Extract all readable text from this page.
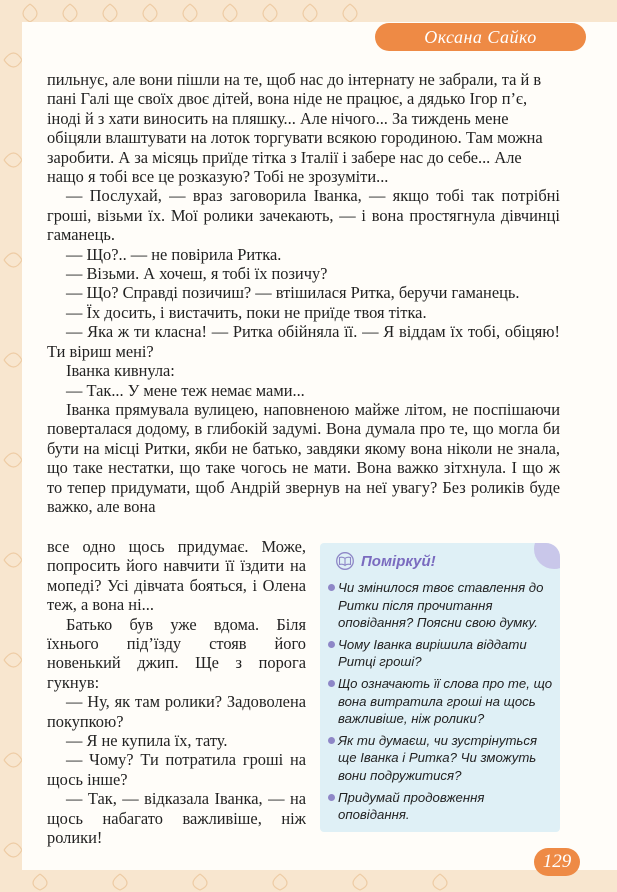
Оксана Сайко

пильнує, але вони пішли на те, щоб нас до інтернату не забрали, та й в пані Галі ще своїх двоє дітей, вона ніде не працює, а дядько Ігор п’є, іноді й з хати виносить на пляшку... Але нічого... За тиждень мене обіцяли влаштувати на лоток торгувати всякою городиною. Там можна заробити. А за місяць приїде тітка з Італії і забере нас до себе... Але нащо я тобі все це розказую? Тобі не зрозуміти...

— Послухай, — враз заговорила Іванка, — якщо тобі так потрібні гроші, візьми їх. Мої ролики зачекають, — і вона простягнула дівчинці гаманець.

— Що?.. — не повірила Ритка.

— Візьми. А хочеш, я тобі їх позичу?

— Що? Справді позичиш? — втішилася Ритка, беручи гаманець.

— Їх досить, і вистачить, поки не приїде твоя тітка.

— Яка ж ти класна! — Ритка обійняла її. — Я віддам їх тобі, обіцяю! Ти віриш мені?

Іванка кивнула:

— Так... У мене теж немає мами...

Іванка прямувала вулицею, наповненою майже літом, не поспішаючи поверталася додому, в глибокій задумі. Вона думала про те, що могла би бути на місці Ритки, якби не батько, завдяки якому вона ніколи не знала, що таке нестатки, що таке чогось не мати. Вона важко зітхнула. І що ж то тепер придумати, щоб Андрій звернув на неї увагу? Без роликів буде важко, але вона

все одно щось придумає. Може, попросить його навчити її їздити на мопеді? Усі дівчата бояться, і Олена теж, а вона ні...

Батько був уже вдома. Біля їхнього під’їзду стояв його новенький джип. Ще з порога гукнув:

— Ну, як там ролики? Задоволена покупкою?

— Я не купила їх, тату.

— Чому? Ти потратила гроші на щось інше?

— Так, — відказала Іванка, — на щось набагато важливіше, ніж ролики!

Поміркуй!
Чи змінилося твоє ставлення до Ритки після прочитання оповідання? Поясни свою думку.
Чому Іванка вирішила віддати Ритці гроші?
Що означають її слова про те, що вона витратила гроші на щось важливіше, ніж ролики?
Як ти думаєш, чи зустрінуться ще Іванка і Ритка? Чи зможуть вони подружитися?
Придумай продовження оповідання.
129
